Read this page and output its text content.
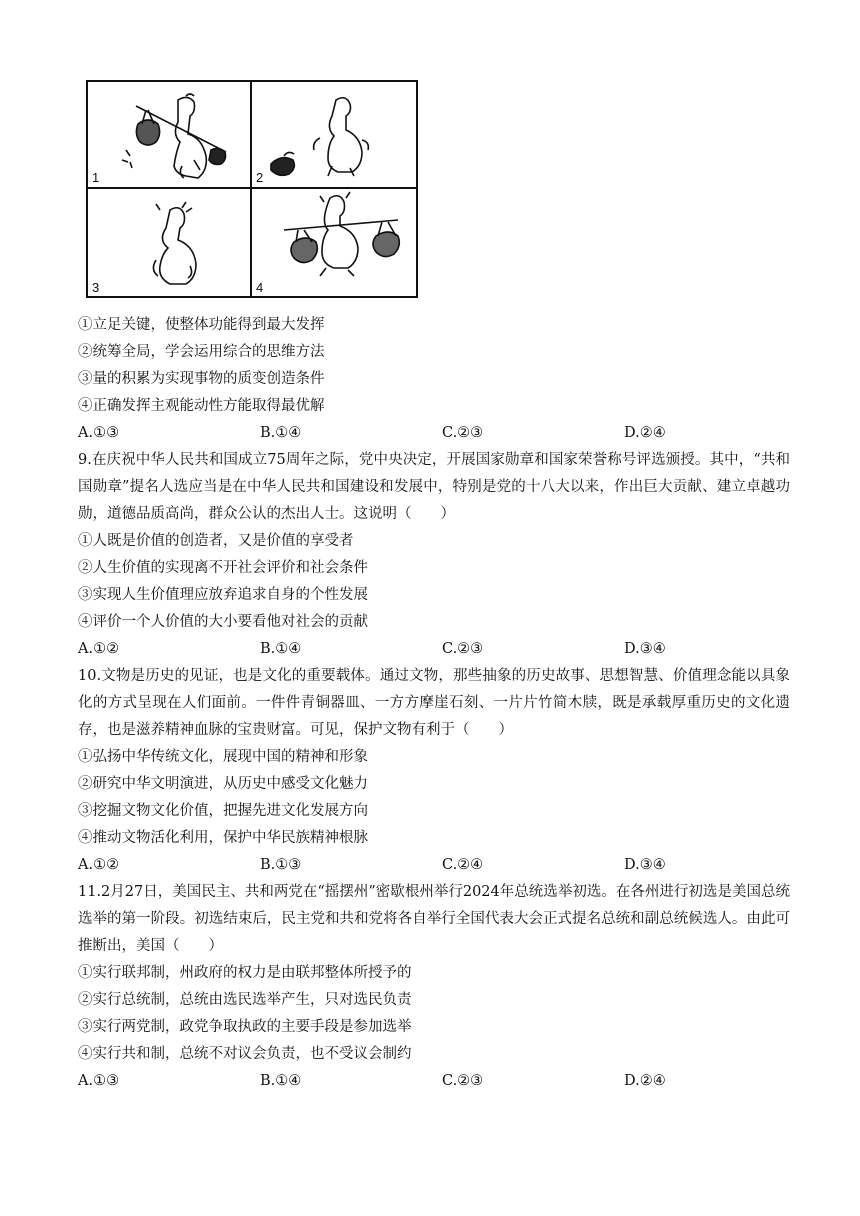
1	2
3	4
①立足关键，使整体功能得到最大发挥
②统筹全局，学会运用综合的思维方法
③量的积累为实现事物的质变创造条件
④正确发挥主观能动性方能取得最优解
A.①③	B.①④	C.②③	D.②④
9.在庆祝中华人民共和国成立75周年之际，党中央决定，开展国家勋章和国家荣誉称号评选颁授。其中，“共和国勋章”提名人选应当是在中华人民共和国建设和发展中，特别是党的十八大以来，作出巨大贡献、建立卓越功勋，道德品质高尚，群众公认的杰出人士。这说明（　　）
①人既是价值的创造者，又是价值的享受者
②人生价值的实现离不开社会评价和社会条件
③实现人生价值理应放弃追求自身的个性发展
④评价一个人价值的大小要看他对社会的贡献
A.①②	B.①④	C.②③	D.③④
10.文物是历史的见证，也是文化的重要载体。通过文物，那些抽象的历史故事、思想智慧、价值理念能以具象化的方式呈现在人们面前。一件件青铜器皿、一方方摩崖石刻、一片片竹简木牍，既是承载厚重历史的文化遗存，也是滋养精神血脉的宝贵财富。可见，保护文物有利于（　　）
①弘扬中华传统文化，展现中国的精神和形象
②研究中华文明演进，从历史中感受文化魅力
③挖掘文物文化价值，把握先进文化发展方向
④推动文物活化利用，保护中华民族精神根脉
A.①②	B.①③	C.②④	D.③④
11.2月27日，美国民主、共和两党在“摇摆州”密歇根州举行2024年总统选举初选。在各州进行初选是美国总统选举的第一阶段。初选结束后，民主党和共和党将各自举行全国代表大会正式提名总统和副总统候选人。由此可推断出，美国（　　）
①实行联邦制，州政府的权力是由联邦整体所授予的
②实行总统制，总统由选民选举产生，只对选民负责
③实行两党制，政党争取执政的主要手段是参加选举
④实行共和制，总统不对议会负责，也不受议会制约
A.①③	B.①④	C.②③	D.②④
